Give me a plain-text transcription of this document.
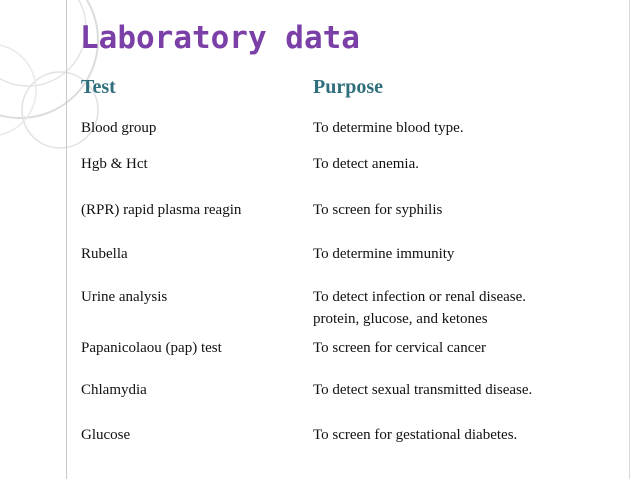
Laboratory data
Test	Purpose
Blood group	To determine blood type.
Hgb & Hct	To detect anemia.
(RPR) rapid plasma reagin	To screen for syphilis
Rubella	To determine immunity
Urine analysis	To detect infection or renal disease.
protein, glucose, and ketones
Papanicolaou (pap) test	To screen for cervical cancer
Chlamydia	To detect sexual transmitted disease.
Glucose	To screen for gestational diabetes.
